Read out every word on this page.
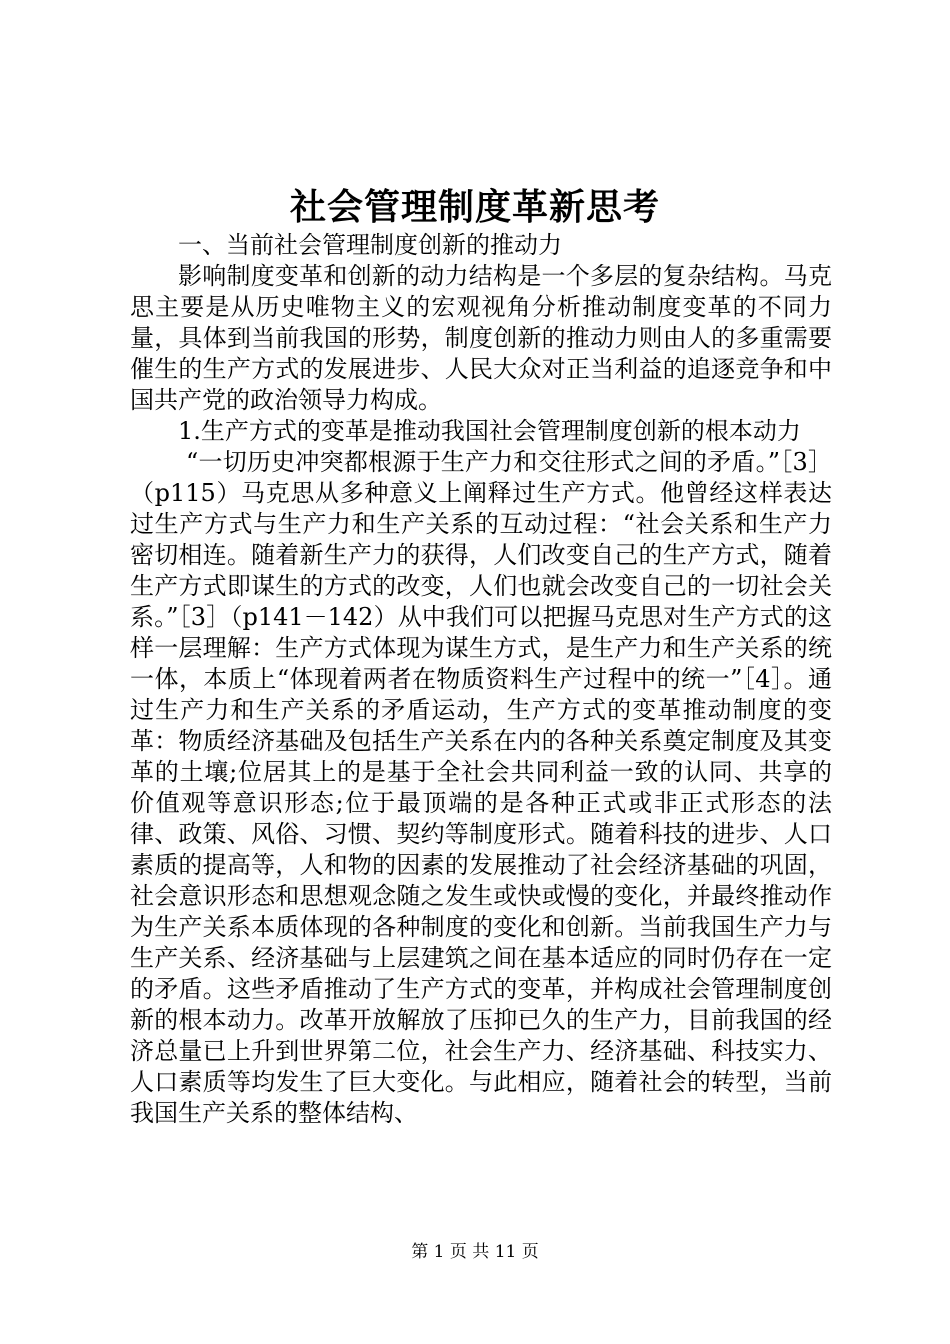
社会管理制度革新思考

一、当前社会管理制度创新的推动力

影响制度变革和创新的动力结构是一个多层的复杂结构。马克思主要是从历史唯物主义的宏观视角分析推动制度变革的不同力量，具体到当前我国的形势，制度创新的推动力则由人的多重需要催生的生产方式的发展进步、人民大众对正当利益的追逐竞争和中国共产党的政治领导力构成。

1.生产方式的变革是推动我国社会管理制度创新的根本动力

“一切历史冲突都根源于生产力和交往形式之间的矛盾。”［3］（p115）马克思从多种意义上阐释过生产方式。他曾经这样表达过生产方式与生产力和生产关系的互动过程：“社会关系和生产力密切相连。随着新生产力的获得，人们改变自己的生产方式，随着生产方式即谋生的方式的改变，人们也就会改变自己的一切社会关系。”［3］（p141－142）从中我们可以把握马克思对生产方式的这样一层理解：生产方式体现为谋生方式，是生产力和生产关系的统一体，本质上“体现着两者在物质资料生产过程中的统一”［4］。通过生产力和生产关系的矛盾运动，生产方式的变革推动制度的变革：物质经济基础及包括生产关系在内的各种关系奠定制度及其变革的土壤;位居其上的是基于全社会共同利益一致的认同、共享的价值观等意识形态;位于最顶端的是各种正式或非正式形态的法律、政策、风俗、习惯、契约等制度形式。随着科技的进步、人口素质的提高等，人和物的因素的发展推动了社会经济基础的巩固，社会意识形态和思想观念随之发生或快或慢的变化，并最终推动作为生产关系本质体现的各种制度的变化和创新。当前我国生产力与生产关系、经济基础与上层建筑之间在基本适应的同时仍存在一定的矛盾。这些矛盾推动了生产方式的变革，并构成社会管理制度创新的根本动力。改革开放解放了压抑已久的生产力，目前我国的经济总量已上升到世界第二位，社会生产力、经济基础、科技实力、人口素质等均发生了巨大变化。与此相应，随着社会的转型，当前我国生产关系的整体结构、

第 1 页 共 11 页
